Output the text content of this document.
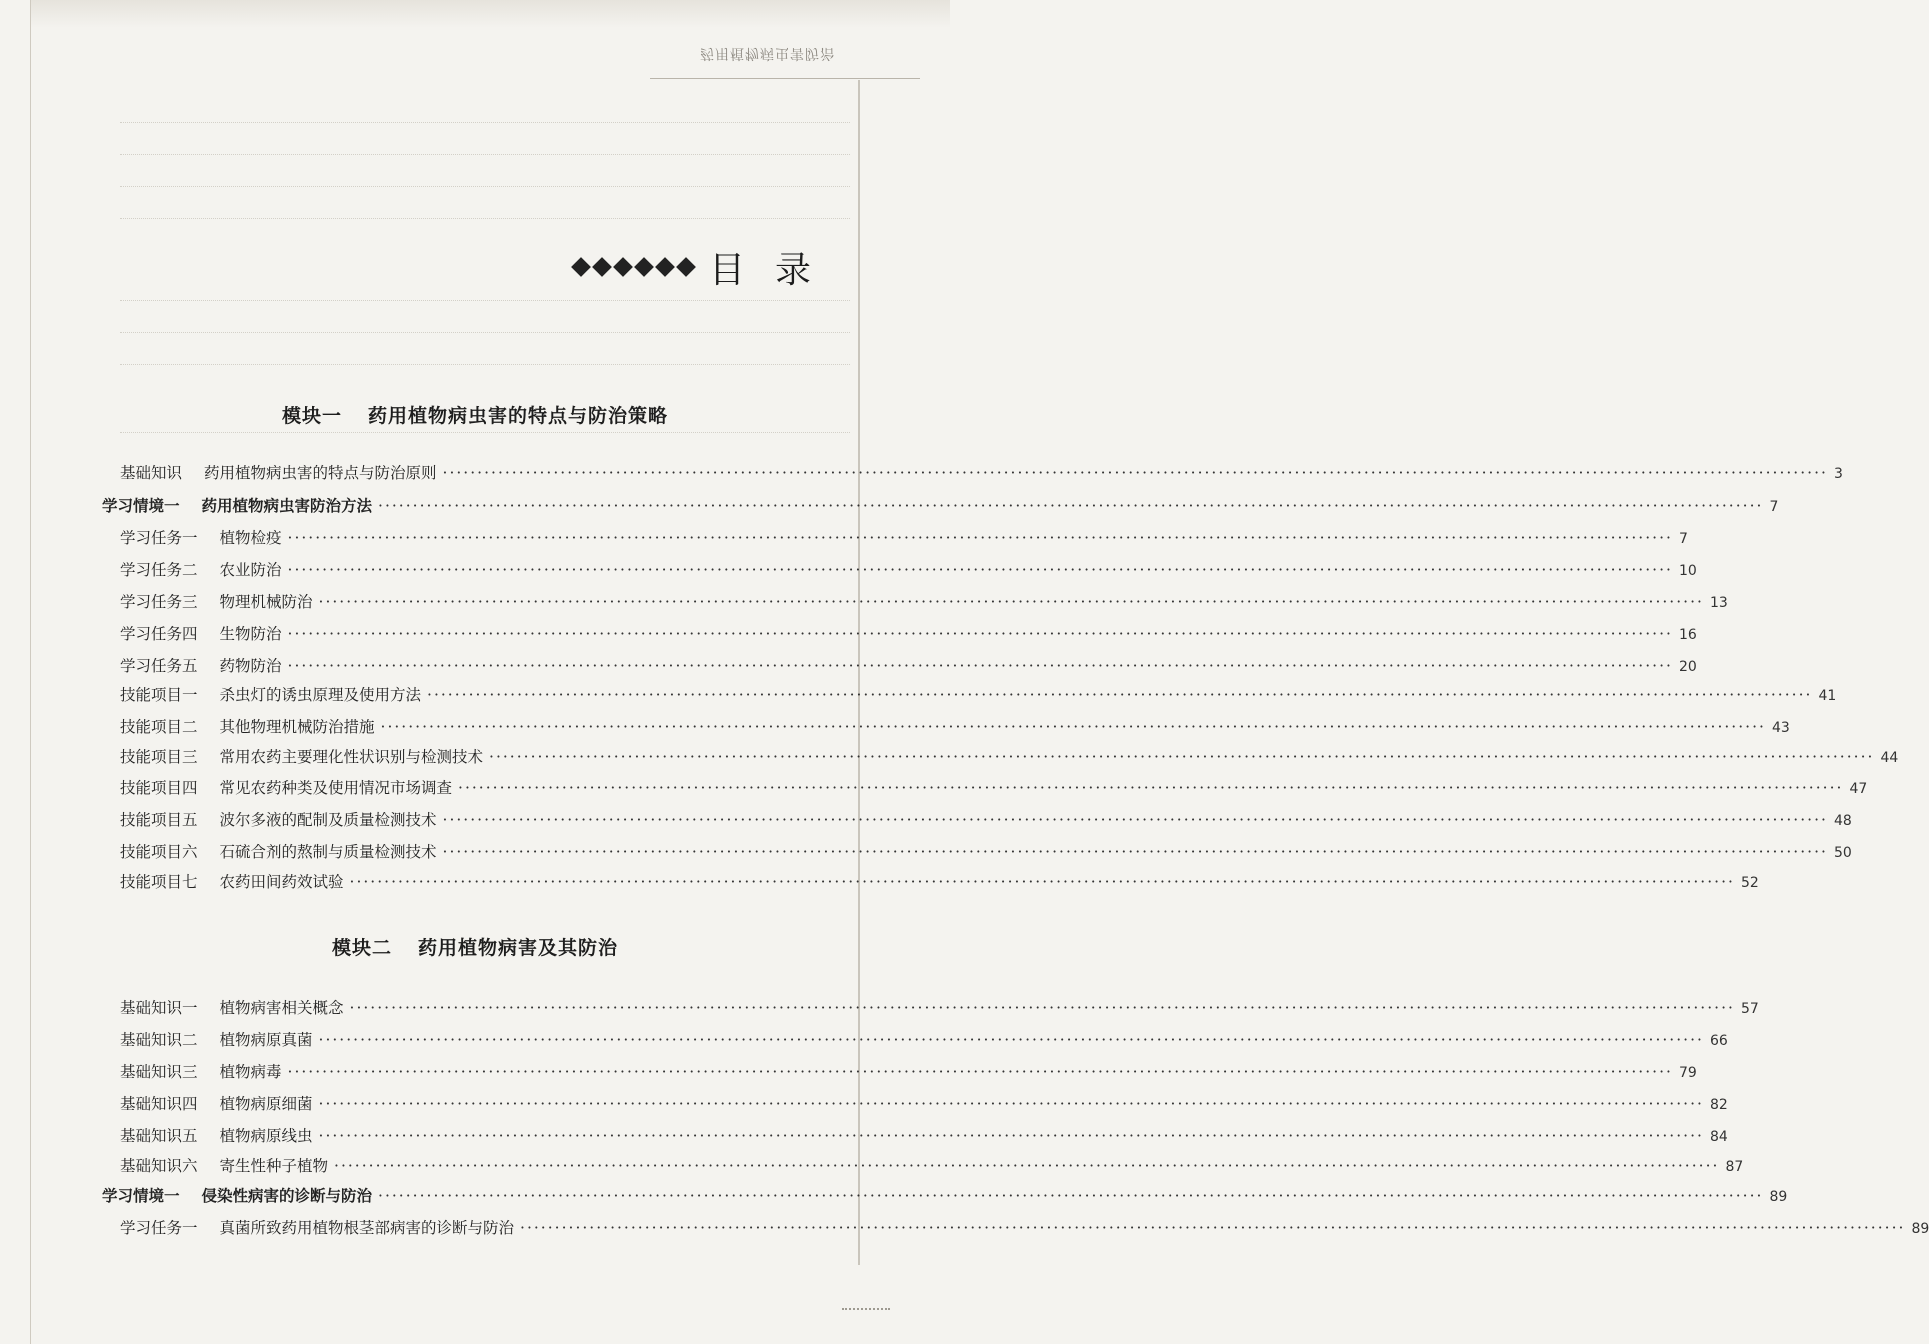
药用植物病虫害防治
目录
模块一 药用植物病虫害的特点与防治策略
模块二 药用植物病害及其防治
基础知识 药用植物病虫害的特点与防治原则 ········································································································································································································ 3
学习情境一 药用植物病虫害防治方法 ········································································································································································································ 7
学习任务一 植物检疫 ········································································································································································································ 7
学习任务二 农业防治 ········································································································································································································ 10
学习任务三 物理机械防治 ········································································································································································································ 13
学习任务四 生物防治 ········································································································································································································ 16
学习任务五 药物防治 ········································································································································································································ 20
技能项目一 杀虫灯的诱虫原理及使用方法 ········································································································································································································ 41
技能项目二 其他物理机械防治措施 ········································································································································································································ 43
技能项目三 常用农药主要理化性状识别与检测技术 ········································································································································································································ 44
技能项目四 常见农药种类及使用情况市场调查 ········································································································································································································ 47
技能项目五 波尔多液的配制及质量检测技术 ········································································································································································································ 48
技能项目六 石硫合剂的熬制与质量检测技术 ········································································································································································································ 50
技能项目七 农药田间药效试验 ········································································································································································································ 52
基础知识一 植物病害相关概念 ········································································································································································································ 57
基础知识二 植物病原真菌 ········································································································································································································ 66
基础知识三 植物病毒 ········································································································································································································ 79
基础知识四 植物病原细菌 ········································································································································································································ 82
基础知识五 植物病原线虫 ········································································································································································································ 84
基础知识六 寄生性种子植物 ········································································································································································································ 87
学习情境一 侵染性病害的诊断与防治 ········································································································································································································ 89
学习任务一 真菌所致药用植物根茎部病害的诊断与防治 ········································································································································································································ 89
